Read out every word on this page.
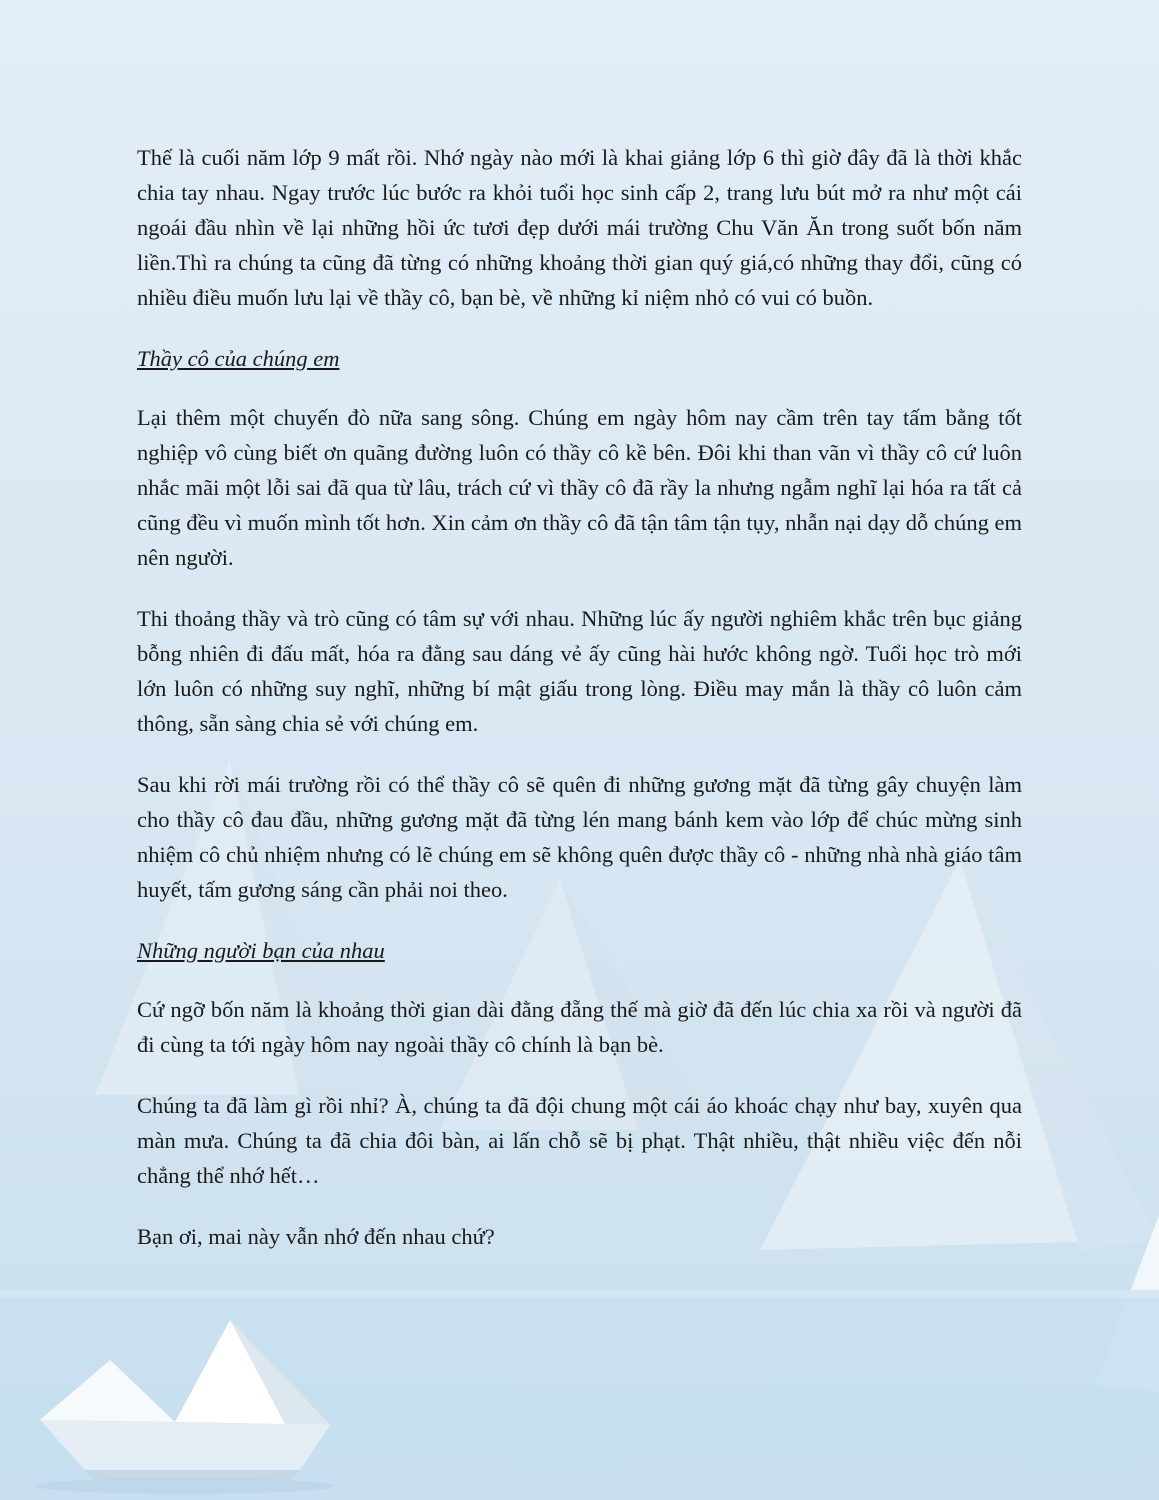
Thế là cuối năm lớp 9 mất rồi. Nhớ ngày nào mới là khai giảng lớp 6 thì giờ đây đã là thời khắc chia tay nhau. Ngay trước lúc bước ra khỏi tuổi học sinh cấp 2, trang lưu bút mở ra như một cái ngoái đầu nhìn về lại những hồi ức tươi đẹp dưới mái trường Chu Văn Ăn trong suốt bốn năm liền.Thì ra chúng ta cũng đã từng có những khoảng thời gian quý giá,có những thay đổi, cũng có nhiều điều muốn lưu lại về thầy cô, bạn bè, về những kỉ niệm nhỏ có vui có buồn.

Thầy cô của chúng em

Lại thêm một chuyến đò nữa sang sông. Chúng em ngày hôm nay cầm trên tay tấm bằng tốt nghiệp vô cùng biết ơn quãng đường luôn có thầy cô kề bên. Đôi khi than vãn vì thầy cô cứ luôn nhắc mãi một lỗi sai đã qua từ lâu, trách cứ vì thầy cô đã rầy la nhưng ngẫm nghĩ lại hóa ra tất cả cũng đều vì muốn mình tốt hơn. Xin cảm ơn thầy cô đã tận tâm tận tụy, nhẫn nại dạy dỗ chúng em nên người.

Thi thoảng thầy và trò cũng có tâm sự với nhau. Những lúc ấy người nghiêm khắc trên bục giảng bỗng nhiên đi đấu mất, hóa ra đằng sau dáng vẻ ấy cũng hài hước không ngờ. Tuổi học trò mới lớn luôn có những suy nghĩ, những bí mật giấu trong lòng. Điều may mắn là thầy cô luôn cảm thông, sẵn sàng chia sẻ với chúng em.

Sau khi rời mái trường rồi có thể thầy cô sẽ quên đi những gương mặt đã từng gây chuyện làm cho thầy cô đau đầu, những gương mặt đã từng lén mang bánh kem vào lớp để chúc mừng sinh nhiệm cô chủ nhiệm nhưng có lẽ chúng em sẽ không quên được thầy cô - những nhà nhà giáo tâm huyết, tấm gương sáng cần phải noi theo.

Những người bạn của nhau

Cứ ngỡ bốn năm là khoảng thời gian dài đằng đẵng thế mà giờ đã đến lúc chia xa rồi và người đã đi cùng ta tới ngày hôm nay ngoài thầy cô chính là bạn bè.

Chúng ta đã làm gì rồi nhỉ? À, chúng ta đã đội chung một cái áo khoác chạy như bay, xuyên qua màn mưa. Chúng ta đã chia đôi bàn, ai lấn chỗ sẽ bị phạt. Thật nhiều, thật nhiều việc đến nỗi chẳng thể nhớ hết…

Bạn ơi, mai này vẫn nhớ đến nhau chứ?
